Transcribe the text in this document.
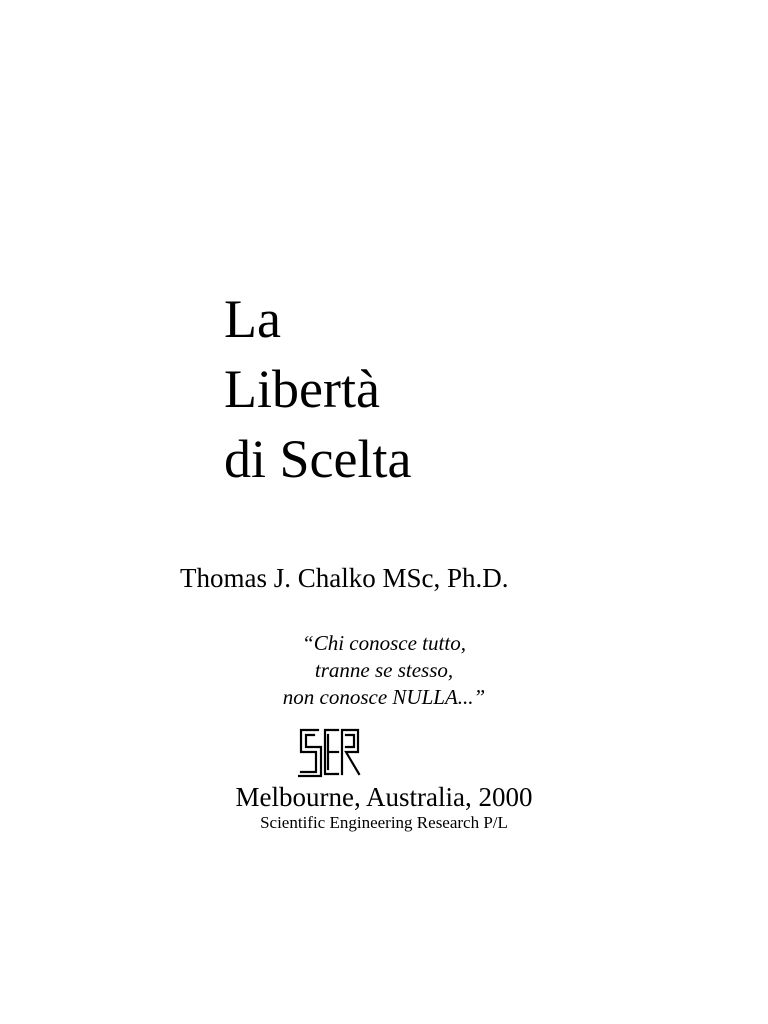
La
Libertà
di Scelta
Thomas J. Chalko MSc, Ph.D.
“Chi conosce tutto,
tranne se stesso,
non conosce NULLA...”
Melbourne, Australia, 2000
Scientific Engineering Research P/L
